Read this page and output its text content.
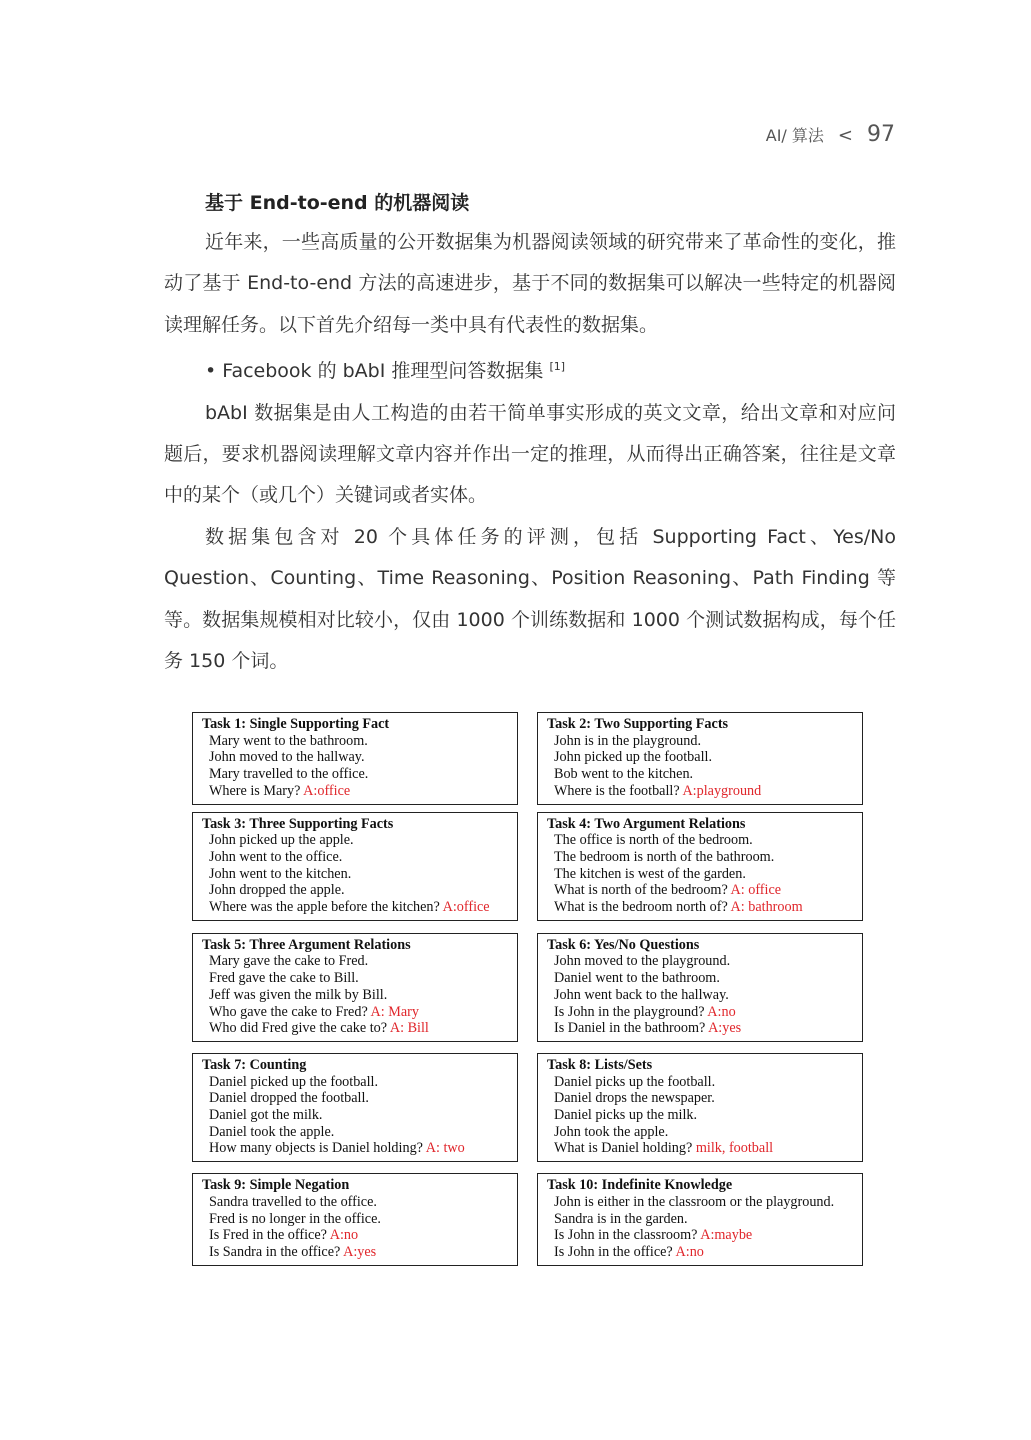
AI/ 算法 < 97
基于 End-to-end 的机器阅读

近年来，一些高质量的公开数据集为机器阅读领域的研究带来了革命性的变化，推动了基于 End-to-end 方法的高速进步，基于不同的数据集可以解决一些特定的机器阅读理解任务。以下首先介绍每一类中具有代表性的数据集。

• Facebook 的 bAbI 推理型问答数据集 [1]

bAbI 数据集是由人工构造的由若干简单事实形成的英文文章，给出文章和对应问题后，要求机器阅读理解文章内容并作出一定的推理，从而得出正确答案，往往是文章中的某个（或几个）关键词或者实体。

数据集包含对 20 个具体任务的评测，包括 Supporting Fact、Yes/No Question、Counting、Time Reasoning、Position Reasoning、Path Finding 等等。数据集规模相对比较小，仅由 1000 个训练数据和 1000 个测试数据构成，每个任务 150 个词。

Task 1: Single Supporting Fact
Mary went to the bathroom.
John moved to the hallway.
Mary travelled to the office.
Where is Mary? A:office
Task 2: Two Supporting Facts
John is in the playground.
John picked up the football.
Bob went to the kitchen.
Where is the football? A:playground
Task 3: Three Supporting Facts
John picked up the apple.
John went to the office.
John went to the kitchen.
John dropped the apple.
Where was the apple before the kitchen? A:office
Task 4: Two Argument Relations
The office is north of the bedroom.
The bedroom is north of the bathroom.
The kitchen is west of the garden.
What is north of the bedroom? A: office
What is the bedroom north of? A: bathroom
Task 5: Three Argument Relations
Mary gave the cake to Fred.
Fred gave the cake to Bill.
Jeff was given the milk by Bill.
Who gave the cake to Fred? A: Mary
Who did Fred give the cake to? A: Bill
Task 6: Yes/No Questions
John moved to the playground.
Daniel went to the bathroom.
John went back to the hallway.
Is John in the playground? A:no
Is Daniel in the bathroom? A:yes
Task 7: Counting
Daniel picked up the football.
Daniel dropped the football.
Daniel got the milk.
Daniel took the apple.
How many objects is Daniel holding? A: two
Task 8: Lists/Sets
Daniel picks up the football.
Daniel drops the newspaper.
Daniel picks up the milk.
John took the apple.
What is Daniel holding? milk, football
Task 9: Simple Negation
Sandra travelled to the office.
Fred is no longer in the office.
Is Fred in the office? A:no
Is Sandra in the office? A:yes
Task 10: Indefinite Knowledge
John is either in the classroom or the playground.
Sandra is in the garden.
Is John in the classroom? A:maybe
Is John in the office? A:no
